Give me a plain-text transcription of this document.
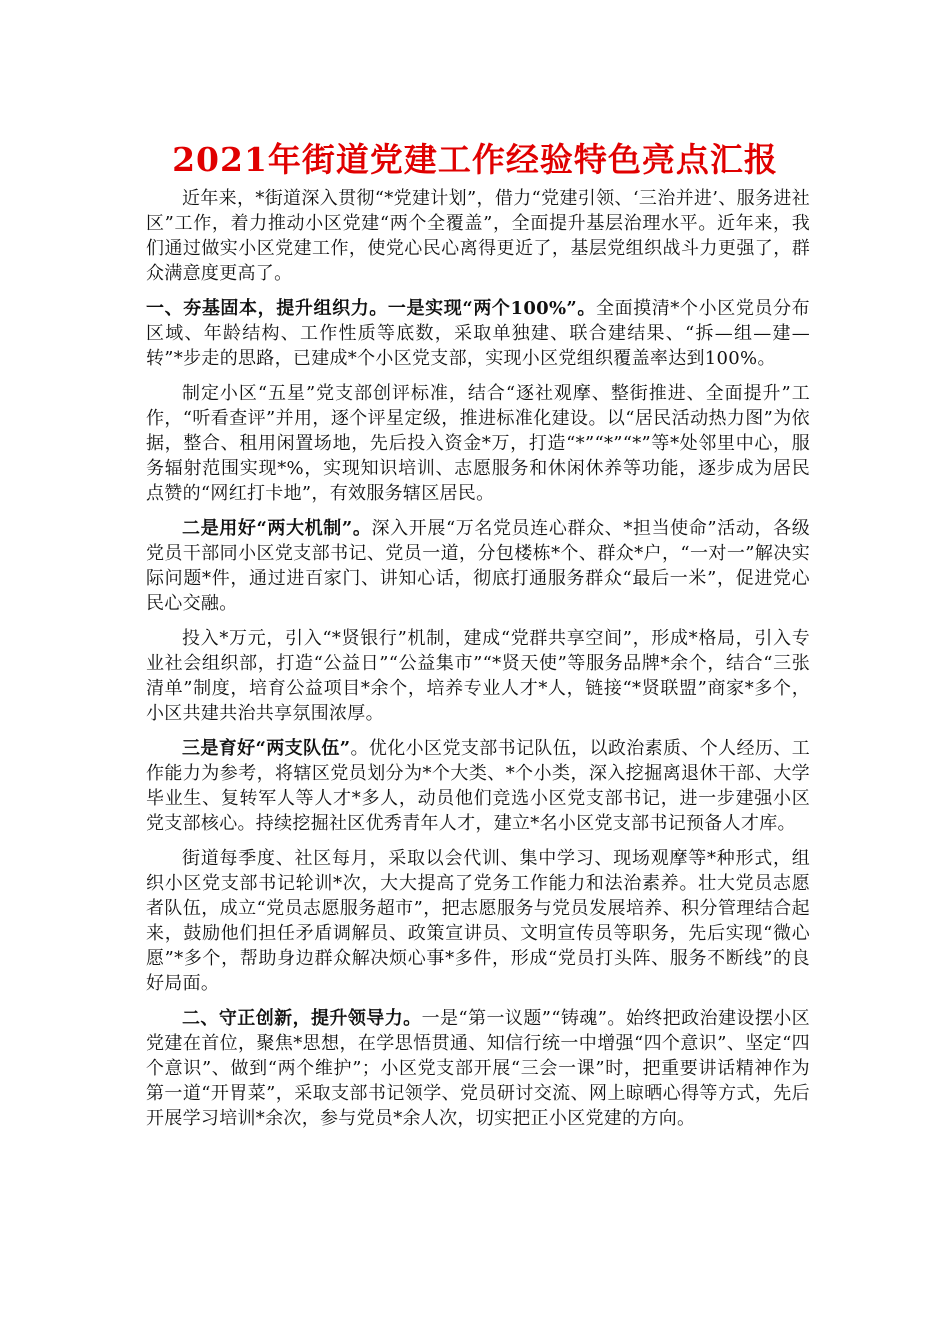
2021年街道党建工作经验特色亮点汇报

近年来，*街道深入贯彻“*党建计划”，借力“党建引领、‘三治并进’、服务进社区”工作，着力推动小区党建“两个全覆盖”，全面提升基层治理水平。近年来，我们通过做实小区党建工作，使党心民心离得更近了，基层党组织战斗力更强了，群众满意度更高了。

一、夯基固本，提升组织力。一是实现“两个100%”。全面摸清*个小区党员分布区域、年龄结构、工作性质等底数，采取单独建、联合建结果、“拆—组—建—转”*步走的思路，已建成*个小区党支部，实现小区党组织覆盖率达到100%。

制定小区“五星”党支部创评标准，结合“逐社观摩、整街推进、全面提升”工作，“听看查评”并用，逐个评星定级，推进标准化建设。以“居民活动热力图”为依据，整合、租用闲置场地，先后投入资金*万，打造“*”“*”“*”等*处邻里中心，服务辐射范围实现*%，实现知识培训、志愿服务和休闲休养等功能，逐步成为居民点赞的“网红打卡地”，有效服务辖区居民。

二是用好“两大机制”。深入开展“万名党员连心群众、*担当使命”活动，各级党员干部同小区党支部书记、党员一道，分包楼栋*个、群众*户，“一对一”解决实际问题*件，通过进百家门、讲知心话，彻底打通服务群众“最后一米”，促进党心民心交融。

投入*万元，引入“*贤银行”机制，建成“党群共享空间”，形成*格局，引入专业社会组织部，打造“公益日”“公益集市”“*贤天使”等服务品牌*余个，结合“三张清单”制度，培育公益项目*余个，培养专业人才*人，链接“*贤联盟”商家*多个，小区共建共治共享氛围浓厚。

三是育好“两支队伍”。优化小区党支部书记队伍，以政治素质、个人经历、工作能力为参考，将辖区党员划分为*个大类、*个小类，深入挖掘离退休干部、大学毕业生、复转军人等人才*多人，动员他们竞选小区党支部书记，进一步建强小区党支部核心。持续挖掘社区优秀青年人才，建立*名小区党支部书记预备人才库。

街道每季度、社区每月，采取以会代训、集中学习、现场观摩等*种形式，组织小区党支部书记轮训*次，大大提高了党务工作能力和法治素养。壮大党员志愿者队伍，成立“党员志愿服务超市”，把志愿服务与党员发展培养、积分管理结合起来，鼓励他们担任矛盾调解员、政策宣讲员、文明宣传员等职务，先后实现“微心愿”*多个，帮助身边群众解决烦心事*多件，形成“党员打头阵、服务不断线”的良好局面。

二、守正创新，提升领导力。一是“第一议题”“铸魂”。始终把政治建设摆小区党建在首位，聚焦*思想，在学思悟贯通、知信行统一中增强“四个意识”、坚定“四个意识”、做到“两个维护”；小区党支部开展“三会一课”时，把重要讲话精神作为第一道“开胃菜”，采取支部书记领学、党员研讨交流、网上晾晒心得等方式，先后开展学习培训*余次，参与党员*余人次，切实把正小区党建的方向。
